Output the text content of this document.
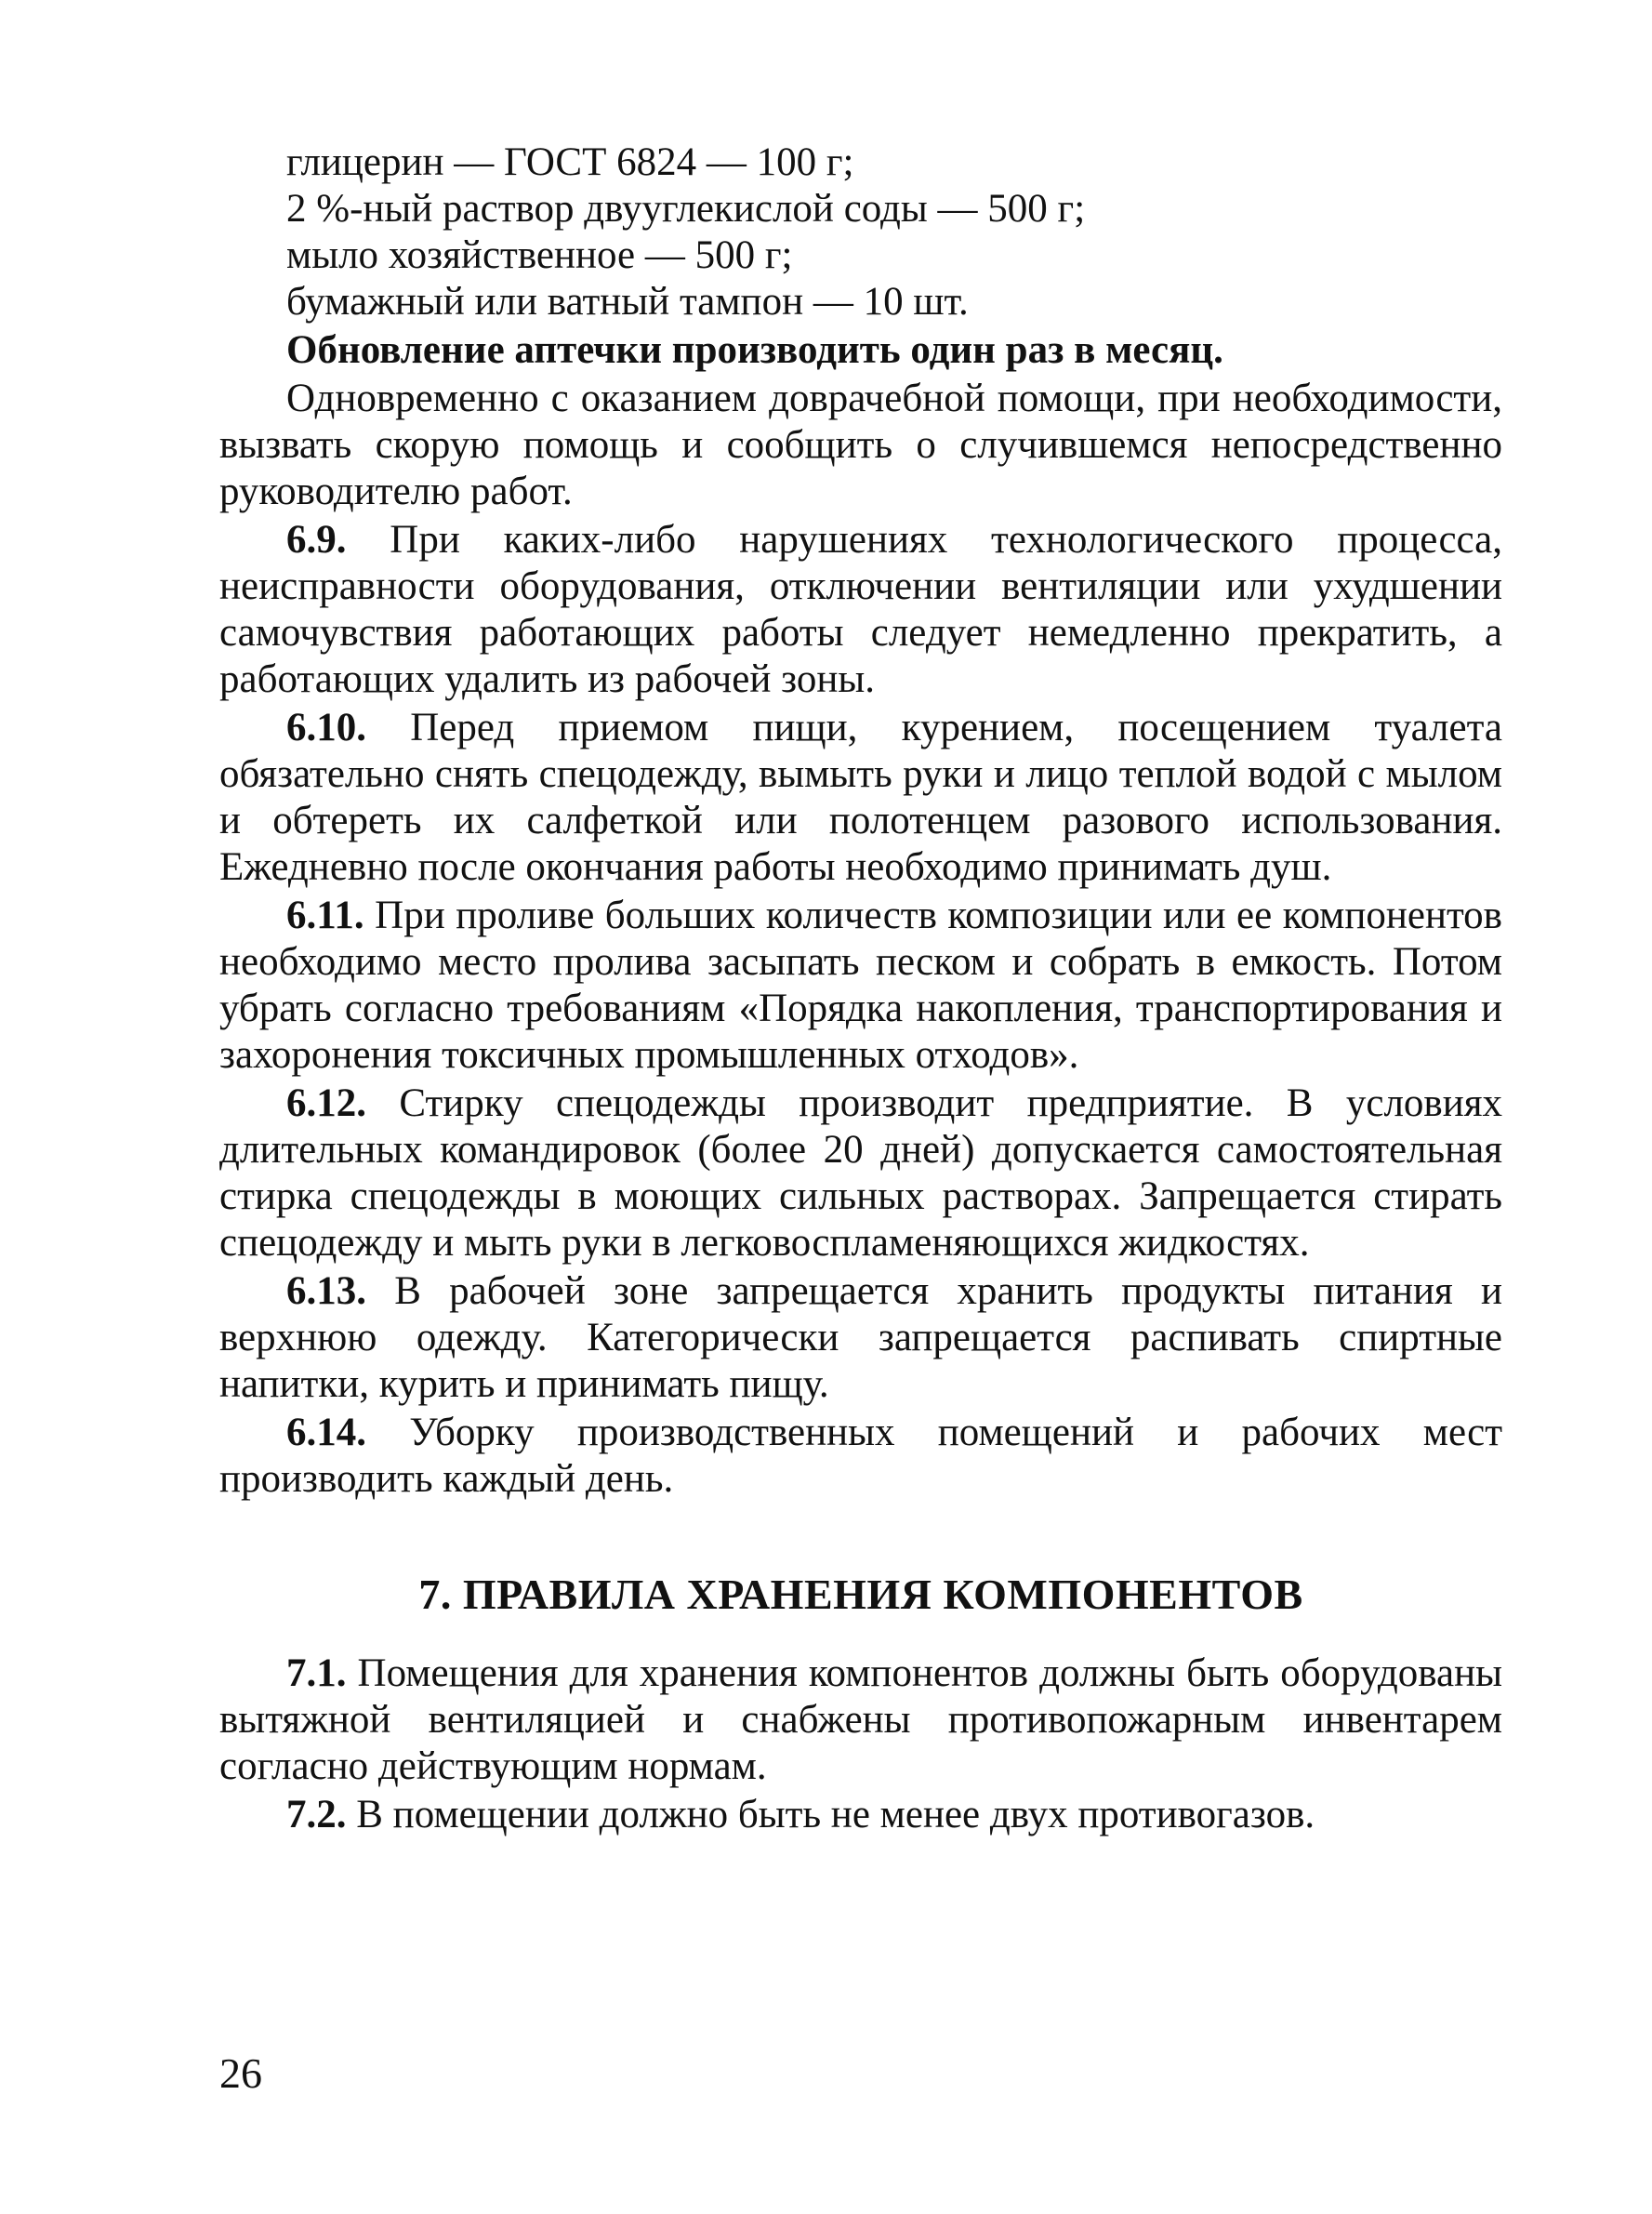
глицерин — ГОСТ 6824 — 100 г;
2 %-ный раствор двууглекислой соды — 500 г;
мыло хозяйственное — 500 г;
бумажный или ватный тампон — 10 шт.
Обновление аптечки производить один раз в месяц.

Одновременно с оказанием доврачебной помощи, при необходимости, вызвать скорую помощь и сообщить о случившемся непосредственно руководителю работ.

6.9. При каких-либо нарушениях технологического процесса, неисправности оборудования, отключении вентиляции или ухудшении самочувствия работающих работы следует немедленно прекратить, а работающих удалить из рабочей зоны.

6.10. Перед приемом пищи, курением, посещением туалета обязательно снять спецодежду, вымыть руки и лицо теплой водой с мылом и обтереть их салфеткой или полотенцем разового использования. Ежедневно после окончания работы необходимо принимать душ.

6.11. При проливе больших количеств композиции или ее компонентов необходимо место пролива засыпать песком и собрать в емкость. Потом убрать согласно требованиям «Порядка накопления, транспортирования и захоронения токсичных промышленных отходов».

6.12. Стирку спецодежды производит предприятие. В условиях длительных командировок (более 20 дней) допускается самостоятельная стирка спецодежды в моющих сильных растворах. Запрещается стирать спецодежду и мыть руки в легковоспламеняющихся жидкостях.

6.13. В рабочей зоне запрещается хранить продукты питания и верхнюю одежду. Категорически запрещается распивать спиртные напитки, курить и принимать пищу.

6.14. Уборку производственных помещений и рабочих мест производить каждый день.

7. ПРАВИЛА ХРАНЕНИЯ КОМПОНЕНТОВ

7.1. Помещения для хранения компонентов должны быть оборудованы вытяжной вентиляцией и снабжены противопожарным инвентарем согласно действующим нормам.

7.2. В помещении должно быть не менее двух противогазов.

26
